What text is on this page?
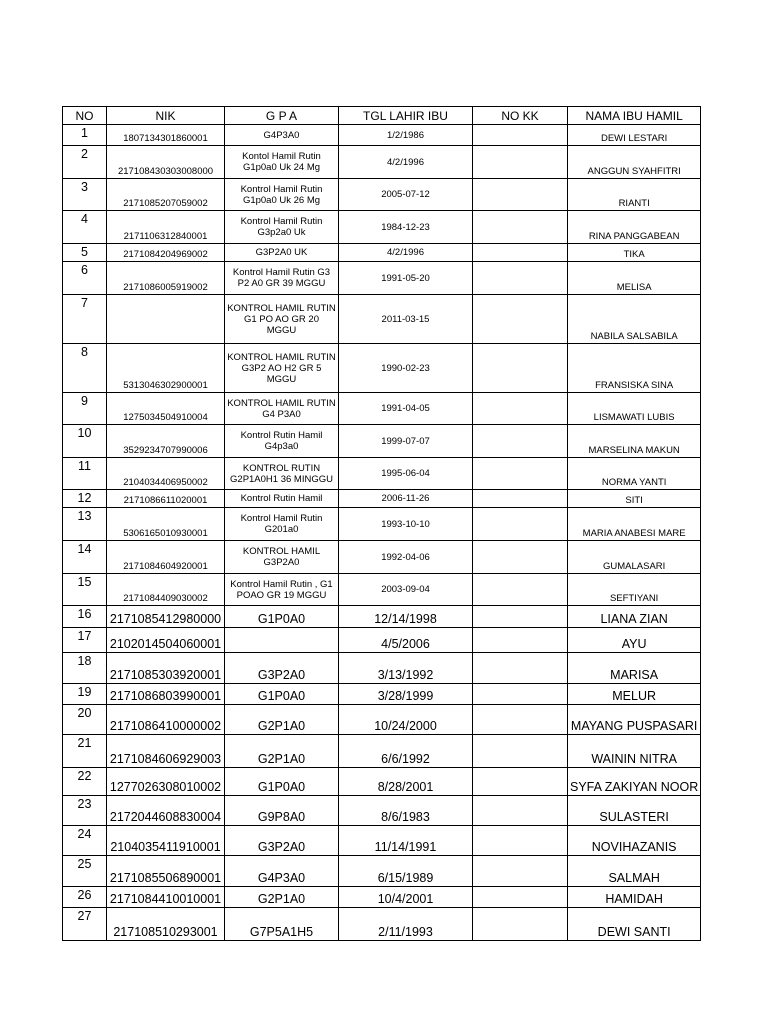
NO	NIK	G P A	TGL LAHIR IBU	NO KK	NAMA IBU HAMIL
1	1807134301860001	G4P3A0	1/2/1986		DEWI LESTARI
2	217108430303008000	Kontol Hamil Rutin
G1p0a0 Uk 24 Mg	4/2/1996		ANGGUN SYAHFITRI
3	2171085207059002	Kontrol Hamil Rutin
G1p0a0 Uk 26 Mg	2005-07-12		RIANTI
4	2171106312840001	Kontrol Hamil Rutin
G3p2a0 Uk	1984-12-23		RINA PANGGABEAN
5	2171084204969002	G3P2A0 UK	4/2/1996		TIKA
6	2171086005919002	Kontrol Hamil Rutin G3
P2 A0 GR 39 MGGU	1991-05-20		MELISA
7		KONTROL HAMIL RUTIN
G1 PO AO GR 20
MGGU	2011-03-15		NABILA SALSABILA
8	5313046302900001	KONTROL HAMIL RUTIN
G3P2 AO H2 GR 5
MGGU	1990-02-23		FRANSISKA SINA
9	1275034504910004	KONTROL HAMIL RUTIN
G4 P3A0	1991-04-05		LISMAWATI LUBIS
10	3529234707990006	Kontrol Rutin Hamil
G4p3a0	1999-07-07		MARSELINA MAKUN
11	2104034406950002	KONTROL RUTIN
G2P1A0H1 36 MINGGU	1995-06-04		NORMA YANTI
12	2171086611020001	Kontrol Rutin Hamil	2006-11-26		SITI
13	5306165010930001	Kontrol Hamil Rutin
G201a0	1993-10-10		MARIA ANABESI MARE
14	2171084604920001	KONTROL HAMIL
G3P2A0	1992-04-06		GUMALASARI
15	2171084409030002	Kontrol Hamil Rutin , G1
POAO GR 19 MGGU	2003-09-04		SEFTIYANI
16	2171085412980000	G1P0A0	12/14/1998		LIANA ZIAN
17	2102014504060001		4/5/2006		AYU
18	2171085303920001	G3P2A0	3/13/1992		MARISA
19	2171086803990001	G1P0A0	3/28/1999		MELUR
20	2171086410000002	G2P1A0	10/24/2000		MAYANG PUSPASARI
21	2171084606929003	G2P1A0	6/6/1992		WAININ NITRA
22	1277026308010002	G1P0A0	8/28/2001		SYFA ZAKIYAN NOOR
23	2172044608830004	G9P8A0	8/6/1983		SULASTERI
24	2104035411910001	G3P2A0	11/14/1991		NOVIHAZANIS
25	2171085506890001	G4P3A0	6/15/1989		SALMAH
26	2171084410010001	G2P1A0	10/4/2001		HAMIDAH
27	217108510293001	G7P5A1H5	2/11/1993		DEWI SANTI
